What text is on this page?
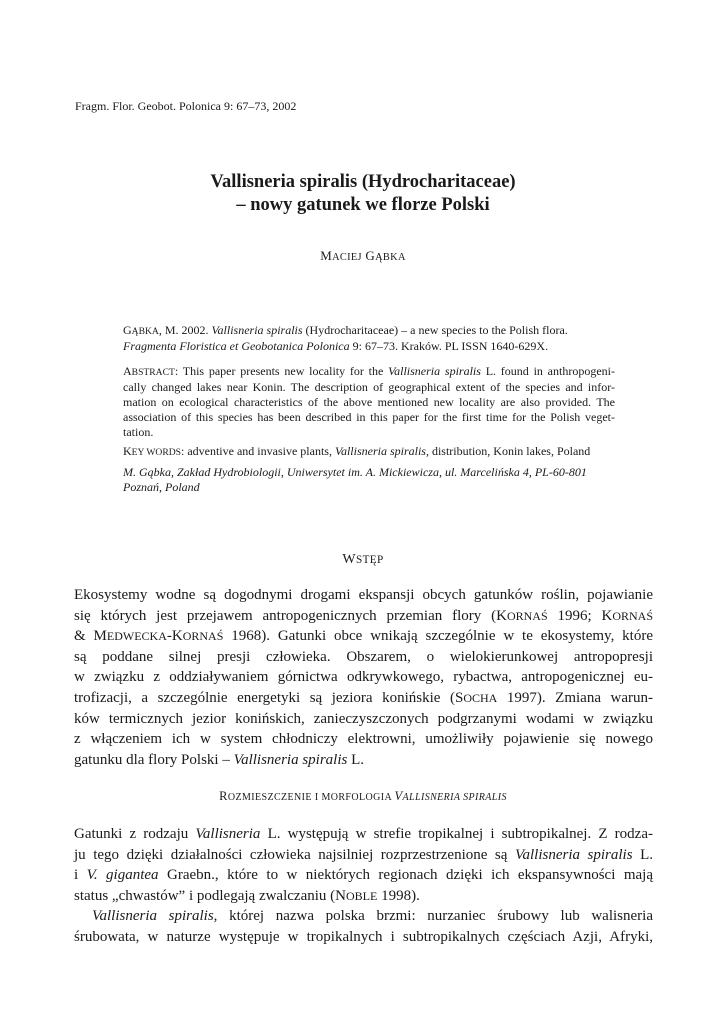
Fragm. Flor. Geobot. Polonica 9: 67–73, 2002
Vallisneria spiralis (Hydrocharitaceae)
– nowy gatunek we florze Polski
MACIEJ GĄBKA
GĄBKA, M. 2002. Vallisneria spiralis (Hydrocharitaceae) – a new species to the Polish flora.
Fragmenta Floristica et Geobotanica Polonica 9: 67–73. Kraków. PL ISSN 1640-629X.
ABSTRACT: This paper presents new locality for the Vallisneria spiralis L. found in anthropogeni-
cally changed lakes near Konin. The description of geographical extent of the species and infor-
mation on ecological characteristics of the above mentioned new locality are also provided. The
association of this species has been described in this paper for the first time for the Polish veget-
tation.
KEY WORDS: adventive and invasive plants, Vallisneria spiralis, distribution, Konin lakes, Poland
M. Gąbka, Zakład Hydrobiologii, Uniwersytet im. A. Mickiewicza, ul. Marcelińska 4, PL-60-801
Poznań, Poland
WSTĘP
Ekosystemy wodne są dogodnymi drogami ekspansji obcych gatunków roślin, pojawianie
się których jest przejawem antropogenicznych przemian flory (KORNAŚ 1996; KORNAŚ
& MEDWECKA-KORNAŚ 1968). Gatunki obce wnikają szczególnie w te ekosystemy, które
są poddane silnej presji człowieka. Obszarem, o wielokierunkowej antropopresji
w związku z oddziaływaniem górnictwa odkrywkowego, rybactwa, antropogenicznej eu-
trofizacji, a szczególnie energetyki są jeziora konińskie (SOCHA 1997). Zmiana warun-
ków termicznych jezior konińskich, zanieczyszczonych podgrzanymi wodami w związku
z włączeniem ich w system chłodniczy elektrowni, umożliwiły pojawienie się nowego
gatunku dla flory Polski – Vallisneria spiralis L.
ROZMIESZCZENIE I MORFOLOGIA VALLISNERIA SPIRALIS
Gatunki z rodzaju Vallisneria L. występują w strefie tropikalnej i subtropikalnej. Z rodza-
ju tego dzięki działalności człowieka najsilniej rozprzestrzenione są Vallisneria spiralis L.
i V. gigantea Graebn., które to w niektórych regionach dzięki ich ekspansywności mają
status „chwastów” i podlegają zwalczaniu (NOBLE 1998).
Vallisneria spiralis, której nazwa polska brzmi: nurzaniec śrubowy lub walisneria
śrubowata, w naturze występuje w tropikalnych i subtropikalnych częściach Azji, Afryki,
